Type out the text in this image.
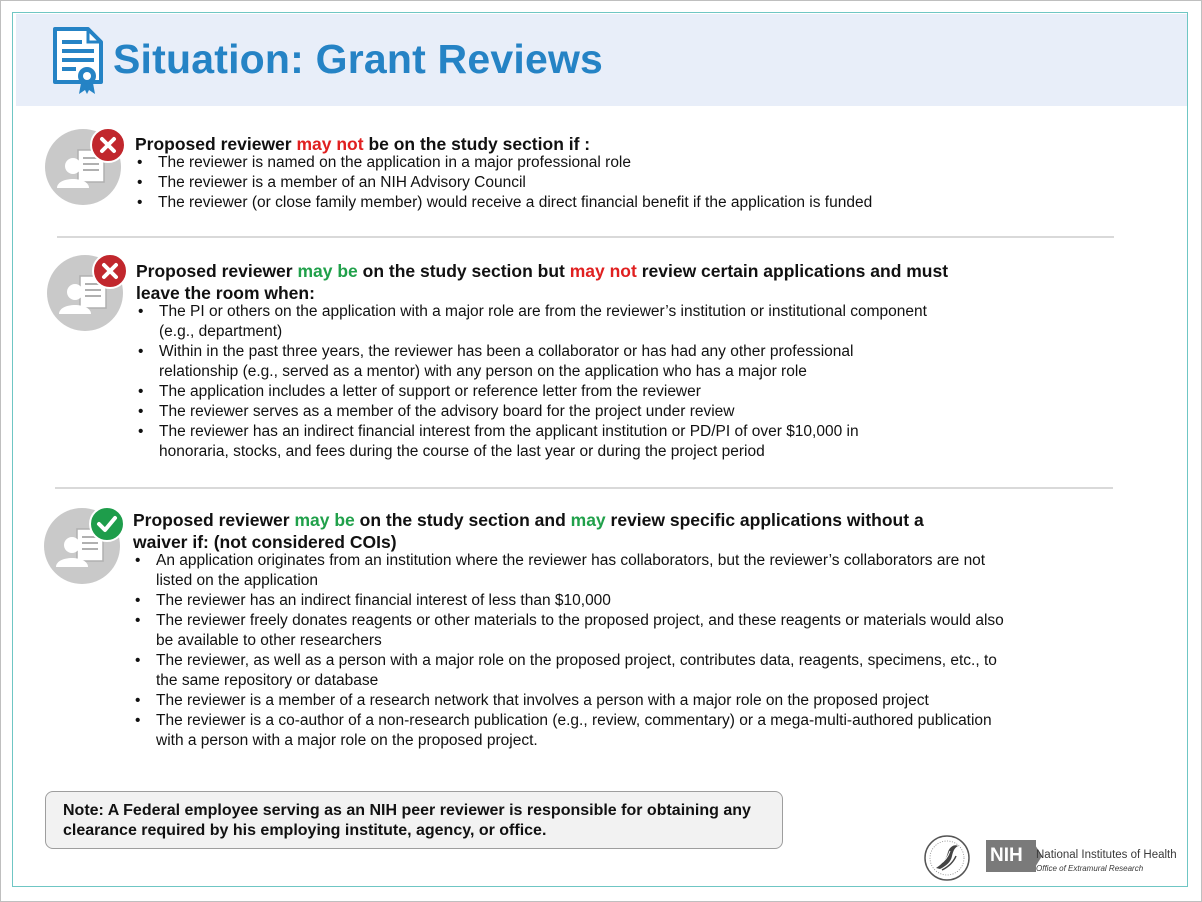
Situation: Grant Reviews
Proposed reviewer may not be on the study section if :
• The reviewer is named on the application in a major professional role
• The reviewer is a member of an NIH Advisory Council
• The reviewer (or close family member) would receive a direct financial benefit if the application is funded
Proposed reviewer may be on the study section but may not review certain applications and must leave the room when:
• The PI or others on the application with a major role are from the reviewer’s institution or institutional component (e.g., department)
• Within in the past three years, the reviewer has been a collaborator or has had any other professional relationship (e.g., served as a mentor) with any person on the application who has a major role
• The application includes a letter of support or reference letter from the reviewer
• The reviewer serves as a member of the advisory board for the project under review
• The reviewer has an indirect financial interest from the applicant institution or PD/PI of over $10,000 in honoraria, stocks, and fees during the course of the last year or during the project period
Proposed reviewer may be on the study section and may review specific applications without a waiver if: (not considered COIs)
• An application originates from an institution where the reviewer has collaborators, but the reviewer’s collaborators are not listed on the application
• The reviewer has an indirect financial interest of less than $10,000
• The reviewer freely donates reagents or other materials to the proposed project, and these reagents or materials would also be available to other researchers
• The reviewer, as well as a person with a major role on the proposed project, contributes data, reagents, specimens, etc., to the same repository or database
• The reviewer is a member of a research network that involves a person with a major role on the proposed project
• The reviewer is a co-author of a non-research publication (e.g., review, commentary) or a mega-multi-authored publication with a person with a major role on the proposed project.
Note: A Federal employee serving as an NIH peer reviewer is responsible for obtaining any clearance required by his employing institute, agency, or office.
NIH	National Institutes of Health
Office of Extramural Research
